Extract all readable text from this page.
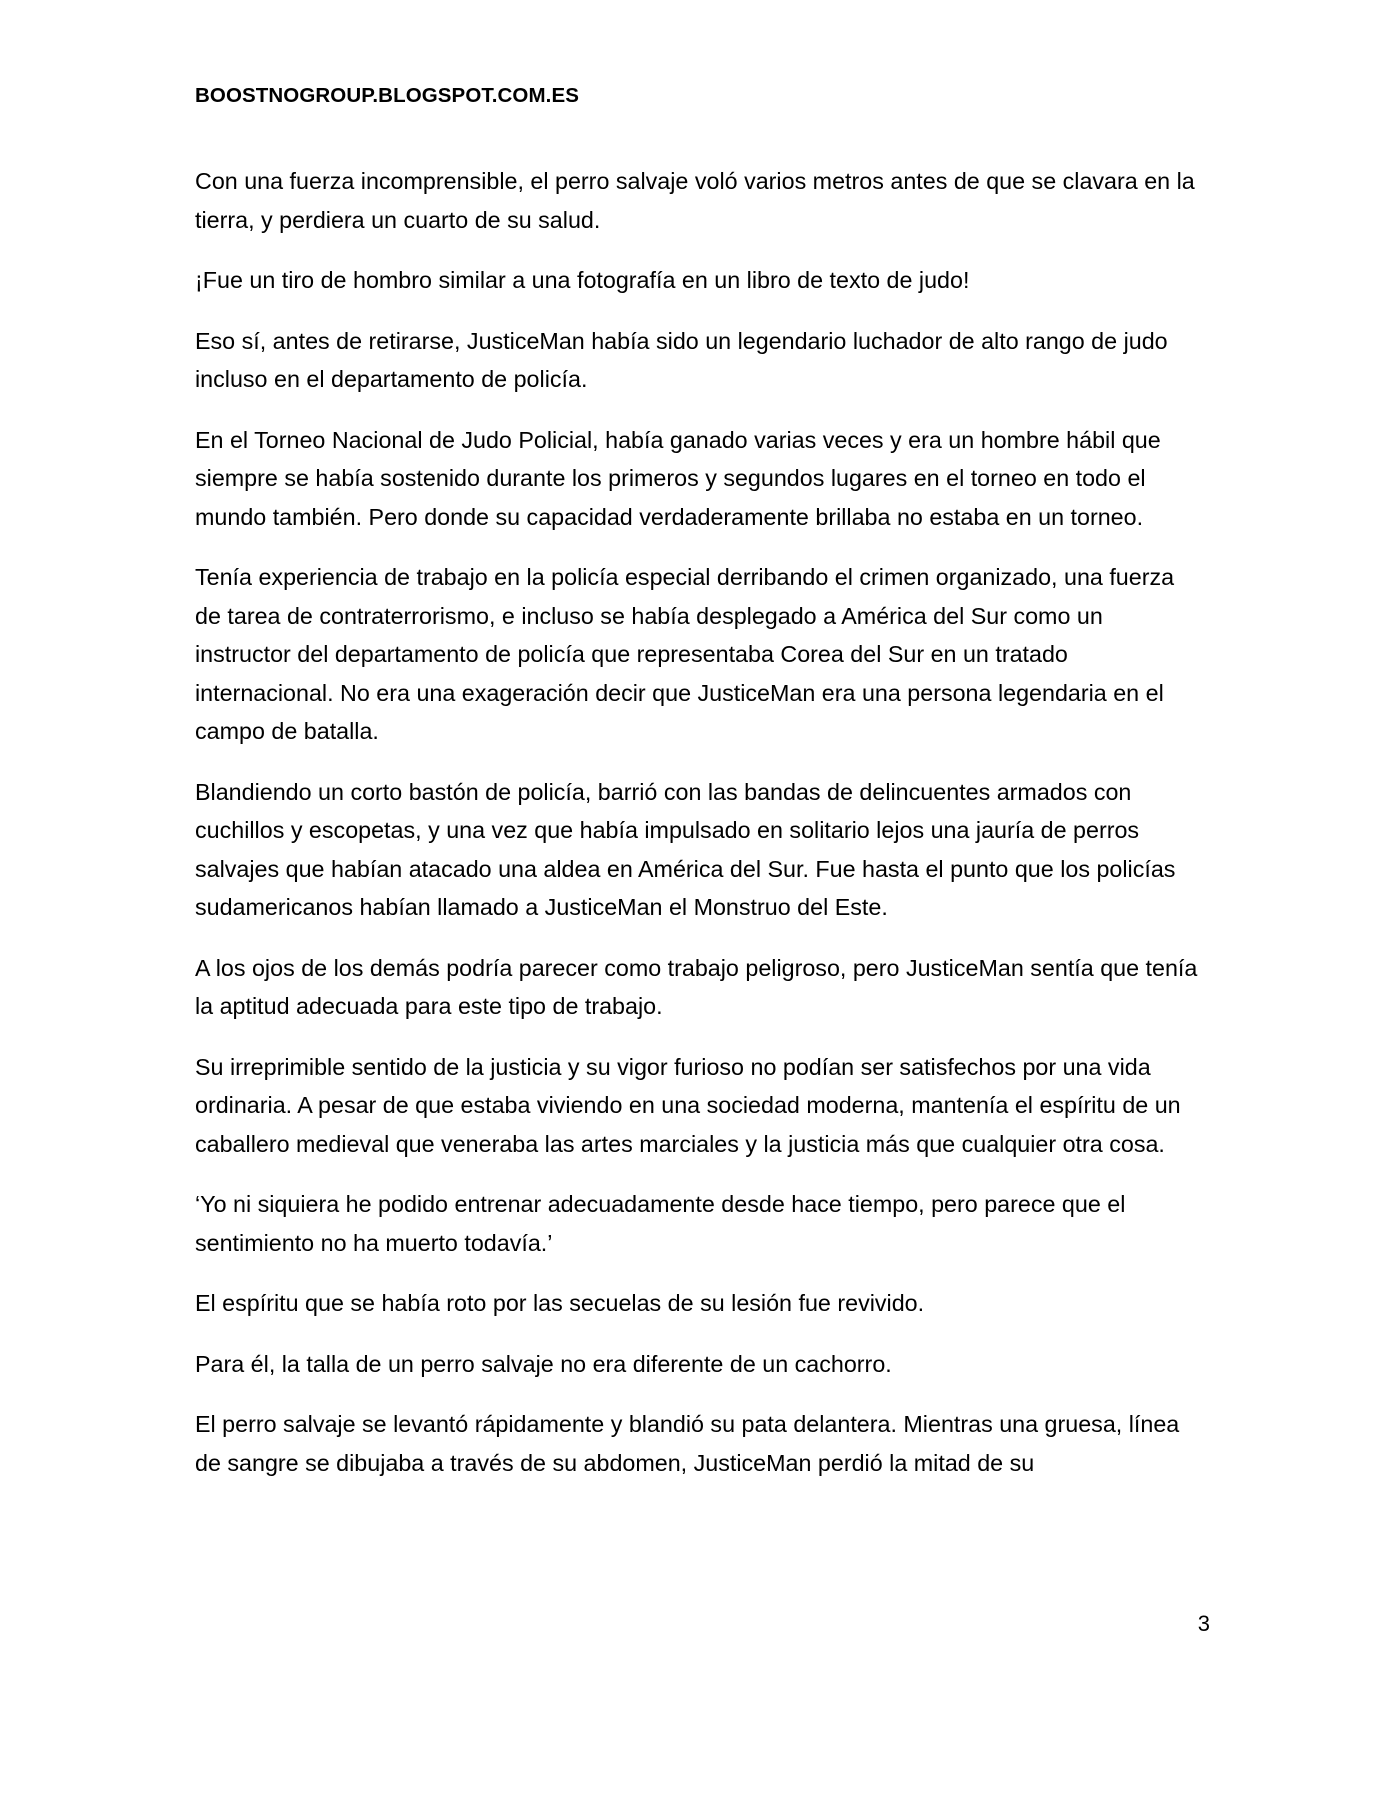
BOOSTNOGROUP.BLOGSPOT.COM.ES

Con una fuerza incomprensible, el perro salvaje voló varios metros antes de que se clavara en la tierra, y perdiera un cuarto de su salud.

¡Fue un tiro de hombro similar a una fotografía en un libro de texto de judo!

Eso sí, antes de retirarse, JusticeMan había sido un legendario luchador de alto rango de judo incluso en el departamento de policía.

En el Torneo Nacional de Judo Policial, había ganado varias veces y era un hombre hábil que siempre se había sostenido durante los primeros y segundos lugares en el torneo en todo el mundo también. Pero donde su capacidad verdaderamente brillaba no estaba en un torneo.

Tenía experiencia de trabajo en la policía especial derribando el crimen organizado, una fuerza de tarea de contraterrorismo, e incluso se había desplegado a América del Sur como un instructor del departamento de policía que representaba Corea del Sur en un tratado internacional. No era una exageración decir que JusticeMan era una persona legendaria en el campo de batalla.

Blandiendo un corto bastón de policía, barrió con las bandas de delincuentes armados con cuchillos y escopetas, y una vez que había impulsado en solitario lejos una jauría de perros salvajes que habían atacado una aldea en América del Sur. Fue hasta el punto que los policías sudamericanos habían llamado a JusticeMan el Monstruo del Este.

A los ojos de los demás podría parecer como trabajo peligroso, pero JusticeMan sentía que tenía la aptitud adecuada para este tipo de trabajo.

Su irreprimible sentido de la justicia y su vigor furioso no podían ser satisfechos por una vida ordinaria. A pesar de que estaba viviendo en una sociedad moderna, mantenía el espíritu de un caballero medieval que veneraba las artes marciales y la justicia más que cualquier otra cosa.

‘Yo ni siquiera he podido entrenar adecuadamente desde hace tiempo, pero parece que el sentimiento no ha muerto todavía.’

El espíritu que se había roto por las secuelas de su lesión fue revivido.

Para él, la talla de un perro salvaje no era diferente de un cachorro.

El perro salvaje se levantó rápidamente y blandió su pata delantera. Mientras una gruesa, línea de sangre se dibujaba a través de su abdomen, JusticeMan perdió la mitad de su

3
